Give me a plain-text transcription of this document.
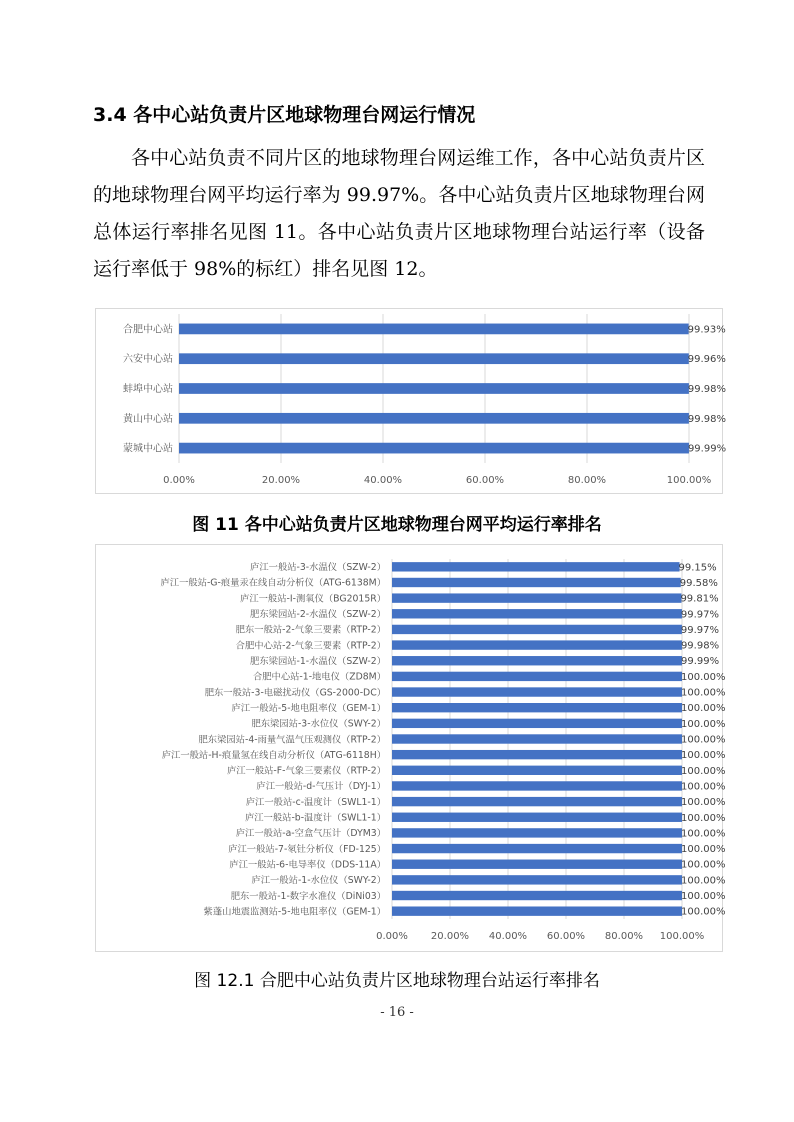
3.4 各中心站负责片区地球物理台网运行情况
各中心站负责不同片区的地球物理台网运维工作，各中心站负责片区的地球物理台网平均运行率为 99.97%。各中心站负责片区地球物理台网总体运行率排名见图 11。各中心站负责片区地球物理台站运行率（设备运行率低于 98%的标红）排名见图 12。
0.00%	20.00%	40.00%	60.00%	80.00%	100.00%
合肥中心站	99.93%
六安中心站	99.96%
蚌埠中心站	99.98%
黄山中心站	99.98%
蒙城中心站	99.99%
图 11 各中心站负责片区地球物理台网平均运行率排名
0.00% 20.00% 40.00% 60.00% 80.00% 100.00%
庐江一般站-3-水温仪（SZW-2）	99.15%
庐江一般站-G-痕量汞在线自动分析仪（ATG-6138M）	99.58%
庐江一般站-I-测氧仪（BG2015R）	99.81%
肥东梁园站-2-水温仪（SZW-2）	99.97%
肥东一般站-2-气象三要素（RTP-2）	99.97%
合肥中心站-2-气象三要素（RTP-2）	99.98%
肥东梁园站-1-水温仪（SZW-2）	99.99%
合肥中心站-1-地电仪（ZD8M）	100.00%
肥东一般站-3-电磁扰动仪（GS-2000-DC）	100.00%
庐江一般站-5-地电阻率仪（GEM-1）	100.00%
肥东梁园站-3-水位仪（SWY-2）	100.00%
肥东梁园站-4-雨量气温气压观测仪（RTP-2）	100.00%
庐江一般站-H-痕量氢在线自动分析仪（ATG-6118H）	100.00%
庐江一般站-F-气象三要素仪（RTP-2）	100.00%
庐江一般站-d-气压计（DYJ-1）	100.00%
庐江一般站-c-温度计（SWL1-1）	100.00%
庐江一般站-b-温度计（SWL1-1）	100.00%
庐江一般站-a-空盒气压计（DYM3）	100.00%
庐江一般站-7-氡钍分析仪（FD-125）	100.00%
庐江一般站-6-电导率仪（DDS-11A）	100.00%
庐江一般站-1-水位仪（SWY-2）	100.00%
肥东一般站-1-数字水准仪（DiNi03）	100.00%
紫蓬山地震监测站-5-地电阻率仪（GEM-1）	100.00%
图 12.1 合肥中心站负责片区地球物理台站运行率排名
- 16 -
